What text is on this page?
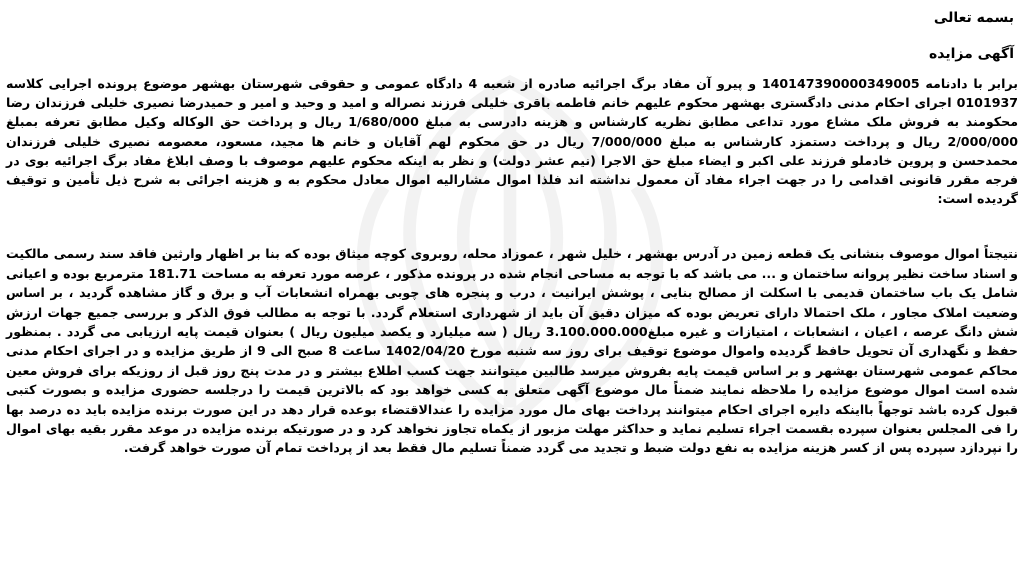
بسمه تعالی
آگهی مزایده

برابر با دادنامه 140147390000349005 و پیرو آن مفاد برگ اجرائیه صادره از شعبه 4 دادگاه عمومی و حقوقی شهرستان بهشهر موضوع پرونده اجرایی کلاسه 0101937 اجرای احکام مدنی دادگستری بهشهر محکوم علیهم خانم فاطمه باقری خلیلی فرزند نصراله و امید و وحید و امیر و حمیدرضا نصیری خلیلی فرزندان رضا محکومند به فروش ملک مشاع مورد تداعی مطابق نظریه کارشناس و هزینه دادرسی به مبلغ 1/680/000 ریال و پرداخت حق الوکاله وکیل مطابق تعرفه بمبلغ 2/000/000 ریال و پرداخت دستمزد کارشناس به مبلغ 7/000/000 ریال در حق محکوم لهم آقایان و خانم ها مجید، مسعود، معصومه نصیری خلیلی فرزندان محمدحسن و پروین خادملو فرزند علی اکبر و ایضاء مبلغ حق الاجرا (نیم عشر دولت) و نظر به اینکه محکوم علیهم موصوف با وصف ابلاغ مفاد برگ اجرائیه بوی در فرجه مقرر قانونی اقدامی را در جهت اجراء مفاد آن معمول نداشته اند فلذا اموال مشاراليه اموال معادل محکوم به و هزینه اجرائی به شرح ذیل تأمین و توقیف گردیده است:

نتیجتاً اموال موصوف بنشانی یک قطعه زمین در آدرس بهشهر ، خلیل شهر ، عموزاد محله، روبروی کوچه میثاق بوده که بنا بر اظهار وارثین فاقد سند رسمی مالکیت و اسناد ساخت نظیر پروانه ساختمان و ... می باشد که با توجه به مساحی انجام شده در پرونده مذکور ، عرصه مورد تعرفه به مساحت 181.71 مترمربع بوده و اعیانی شامل یک باب ساختمان قدیمی با اسکلت از مصالح بنایی ، پوشش ایرانیت ، درب و پنجره های چوبی بهمراه انشعابات آب و برق و گاز مشاهده گردید ، بر اساس وضعیت املاک مجاور ، ملک احتمالا دارای تعریض بوده که میزان دقیق آن باید از شهرداری استعلام گردد. با توجه به مطالب فوق الذکر و بررسی جمیع جهات ارزش شش دانگ عرصه ، اعیان ، انشعابات ، امتیازات و غیره مبلغ3.100.000.000 ریال ( سه میلیارد و یکصد میلیون ریال ) بعنوان قیمت پایه ارزیابی می گردد . بمنظور حفظ و نگهداری آن تحویل حافظ گردیده واموال موضوع توقیف برای روز سه شنبه مورخ 1402/04/20 ساعت 8 صبح الی 9 از طریق مزایده و در اجرای احکام مدنی محاکم عمومی شهرستان بهشهر و بر اساس قیمت پایه بفروش میرسد طالبین میتوانند جهت کسب اطلاع بیشتر و در مدت پنج روز قبل از روزیکه برای فروش معین شده است اموال موضوع مزایده را ملاحظه نمایند ضمناً مال موضوع آگهی متعلق به کسی خواهد بود که بالاترین قیمت را درجلسه حضوری مزایده و بصورت کتبی قبول کرده باشد توجهاً بااینکه دایره اجرای احکام میتوانند پرداخت بهای مال مورد مزایده را عندالاقتضاء بوعده قرار دهد در این صورت برنده مزایده باید ده درصد بها را فی المجلس بعنوان سپرده بقسمت اجراء تسلیم نماید و حداکثر مهلت مزبور از یکماه تجاوز نخواهد کرد و در صورتیکه برنده مزایده در موعد مقرر بقیه بهای اموال را نپردازد سپرده پس از کسر هزینه مزایده به نفع دولت ضبط و تجدید می گردد ضمناً تسلیم مال فقط بعد از پرداخت تمام آن صورت خواهد گرفت.
